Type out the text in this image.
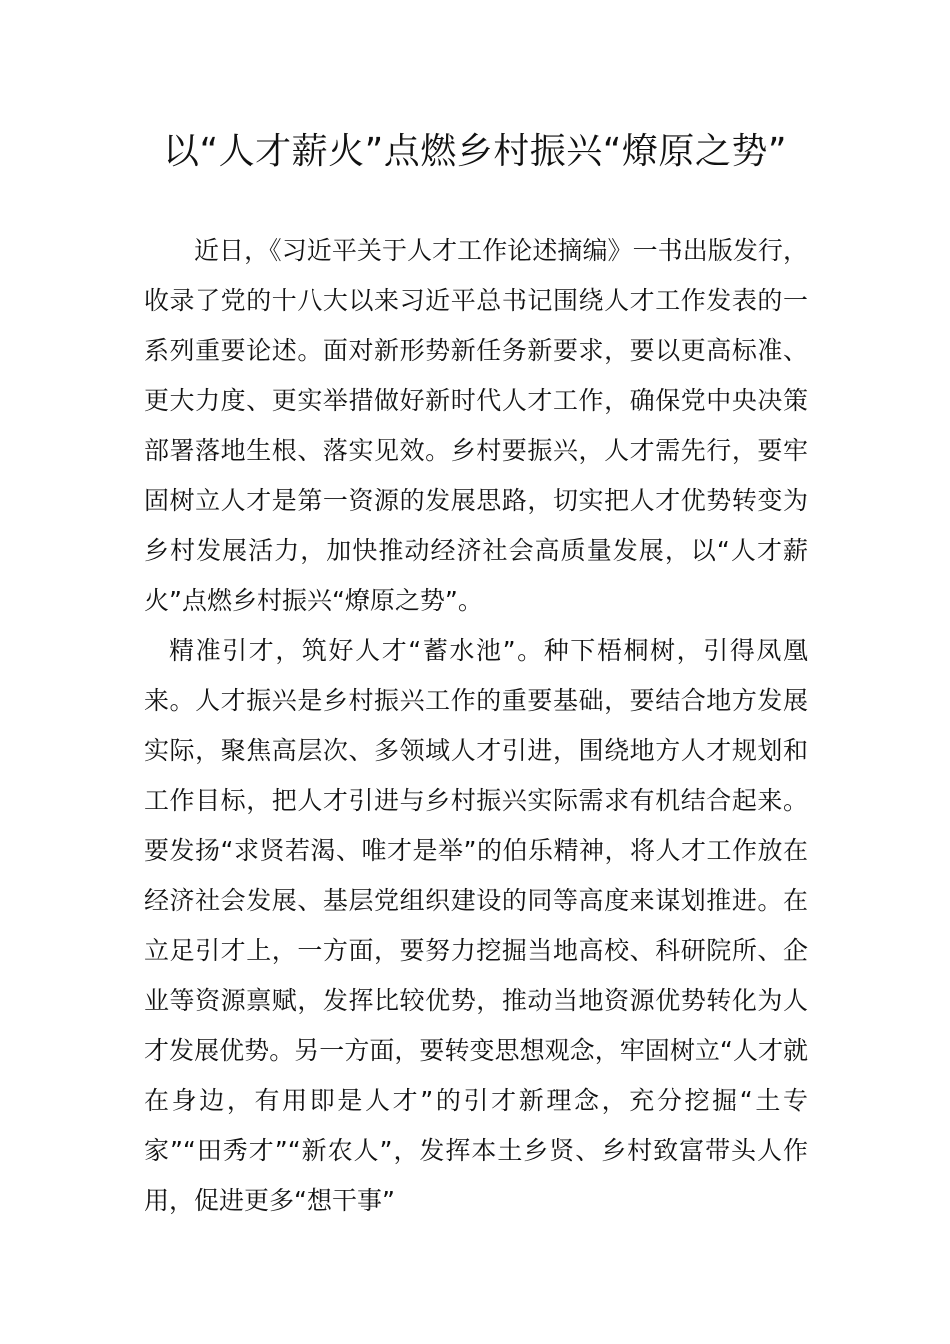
以“人才薪火”点燃乡村振兴“燎原之势”

近日，《习近平关于人才工作论述摘编》一书出版发行，收录了党的十八大以来习近平总书记围绕人才工作发表的一系列重要论述。面对新形势新任务新要求，要以更高标准、更大力度、更实举措做好新时代人才工作，确保党中央决策部署落地生根、落实见效。乡村要振兴，人才需先行，要牢固树立人才是第一资源的发展思路，切实把人才优势转变为乡村发展活力，加快推动经济社会高质量发展，以“人才薪火”点燃乡村振兴“燎原之势”。

精准引才，筑好人才“蓄水池”。种下梧桐树，引得凤凰来。人才振兴是乡村振兴工作的重要基础，要结合地方发展实际，聚焦高层次、多领域人才引进，围绕地方人才规划和工作目标，把人才引进与乡村振兴实际需求有机结合起来。要发扬“求贤若渴、唯才是举”的伯乐精神，将人才工作放在经济社会发展、基层党组织建设的同等高度来谋划推进。在立足引才上，一方面，要努力挖掘当地高校、科研院所、企业等资源禀赋，发挥比较优势，推动当地资源优势转化为人才发展优势。另一方面，要转变思想观念，牢固树立“人才就在身边，有用即是人才”的引才新理念，充分挖掘“土专家”“田秀才”“新农人”，发挥本土乡贤、乡村致富带头人作用，促进更多“想干事”
